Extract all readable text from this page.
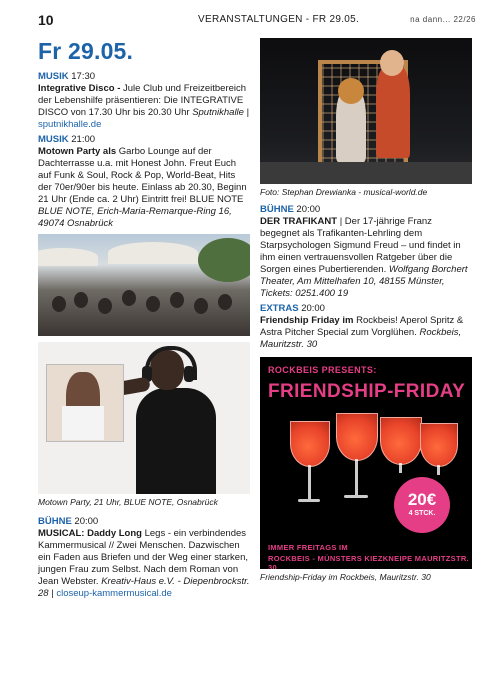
10	VERANSTALTUNGEN - FR 29.05.	na dann... 22/26
Fr 29.05.
MUSIK 17:30
Integrative Disco - Jule Club und Freizeitbereich der Lebenshilfe präsentieren: Die INTEGRATIVE DISCO von 17.30 Uhr bis 20.30 Uhr Sputnikhalle | sputnikhalle.de
MUSIK 21:00
Motown Party als Garbo Lounge auf der Dachterrasse u.a. mit Honest John. Freut Euch auf Funk & Soul, Rock & Pop, World-Beat, Hits der 70er/90er bis heute. Einlass ab 20.30, Beginn 21 Uhr (Ende ca. 2 Uhr) Eintritt frei! BLUE NOTE BLUE NOTE, Erich-Maria-Remarque-Ring 16, 49074 Osnabrück
Motown Party, 21 Uhr, BLUE NOTE, Osnabrück
BÜHNE 20:00
MUSICAL: Daddy Long Legs - ein verbindendes Kammermusical // Zwei Menschen. Dazwischen ein Faden aus Briefen und der Weg einer starken, jungen Frau zum Selbst. Nach dem Roman von Jean Webster. Kreativ-Haus e.V. - Diepenbrockstr. 28 | closeup-kammermusical.de
Foto: Stephan Drewianka - musical-world.de
BÜHNE 20:00
DER TRAFIKANT | Der 17-jährige Franz begegnet als Trafikanten-Lehrling dem Starpsychologen Sigmund Freud – und findet in ihm einen vertrauensvollen Ratgeber über die Sorgen eines Pubertierenden. Wolfgang Borchert Theater, Am Mittelhafen 10, 48155 Münster, Tickets: 0251.400 19
EXTRAS 20:00
Friendship Friday im Rockbeis! Aperol Spritz & Astra Pitcher Special zum Vorglühen. Rockbeis, Mauritzstr. 30
ROCKBEIS PRESENTS:
FRIENDSHIP-FRIDAY
20€
4 STCK.
IMMER FREITAGS IM
ROCKBEIS - MÜNSTERS KIEZKNEIPE MAURITZSTR. 30
Friendship-Friday im Rockbeis, Mauritzstr. 30
